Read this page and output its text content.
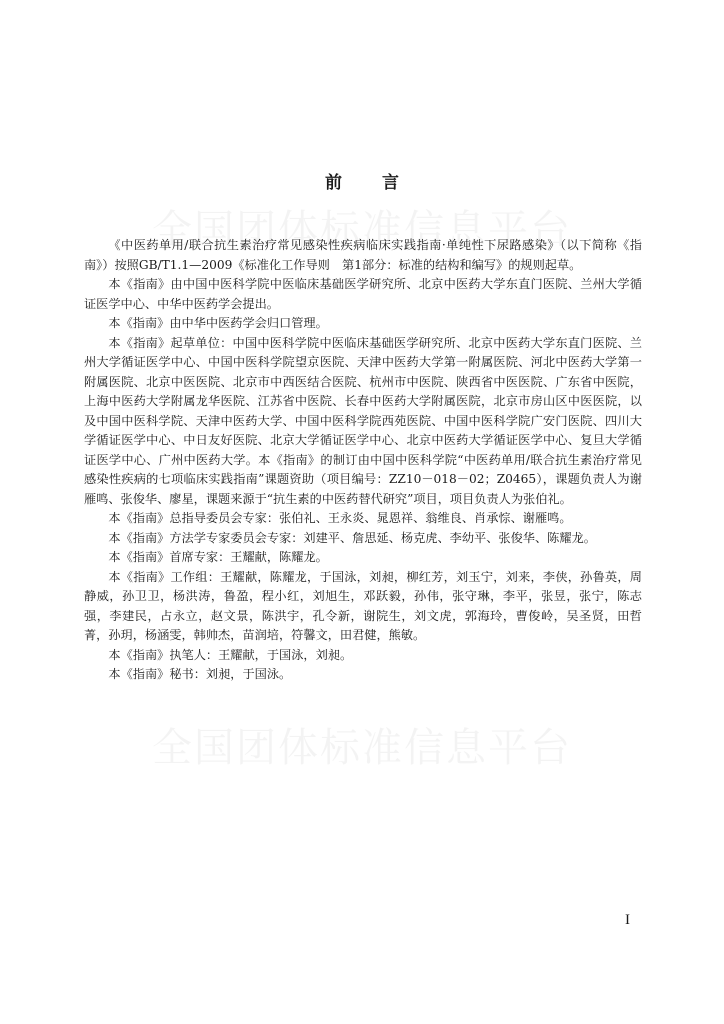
前言

《中医药单用/联合抗生素治疗常见感染性疾病临床实践指南·单纯性下尿路感染》（以下简称《指南》）按照GB/T1.1—2009《标准化工作导则　第1部分：标准的结构和编写》的规则起草。

本《指南》由中国中医科学院中医临床基础医学研究所、北京中医药大学东直门医院、兰州大学循证医学中心、中华中医药学会提出。

本《指南》由中华中医药学会归口管理。

本《指南》起草单位：中国中医科学院中医临床基础医学研究所、北京中医药大学东直门医院、兰州大学循证医学中心、中国中医科学院望京医院、天津中医药大学第一附属医院、河北中医药大学第一附属医院、北京中医医院、北京市中西医结合医院、杭州市中医院、陕西省中医医院、广东省中医院，上海中医药大学附属龙华医院、江苏省中医院、长春中医药大学附属医院，北京市房山区中医医院，以及中国中医科学院、天津中医药大学、中国中医科学院西苑医院、中国中医科学院广安门医院、四川大学循证医学中心、中日友好医院、北京大学循证医学中心、北京中医药大学循证医学中心、复旦大学循证医学中心、广州中医药大学。本《指南》的制订由中国中医科学院“中医药单用/联合抗生素治疗常见感染性疾病的七项临床实践指南”课题资助（项目编号：ZZ10－018－02；Z0465），课题负责人为谢雁鸣、张俊华、廖星，课题来源于“抗生素的中医药替代研究”项目，项目负责人为张伯礼。

本《指南》总指导委员会专家：张伯礼、王永炎、晁恩祥、翁维良、肖承悰、谢雁鸣。

本《指南》方法学专家委员会专家：刘建平、詹思延、杨克虎、李幼平、张俊华、陈耀龙。

本《指南》首席专家：王耀献，陈耀龙。

本《指南》工作组：王耀献，陈耀龙，于国泳，刘昶，柳红芳，刘玉宁，刘来，李侠，孙鲁英，周静威，孙卫卫，杨洪涛，鲁盈，程小红，刘旭生，邓跃毅，孙伟，张守琳，李平，张昱，张宁，陈志强，李建民，占永立，赵文景，陈洪宇，孔令新，谢院生，刘文虎，郭海玲，曹俊岭，吴圣贤，田哲菁，孙玥，杨涵雯，韩帅杰，苗润培，符馨文，田君健，熊敏。

本《指南》执笔人：王耀献，于国泳，刘昶。

本《指南》秘书：刘昶，于国泳。

I
